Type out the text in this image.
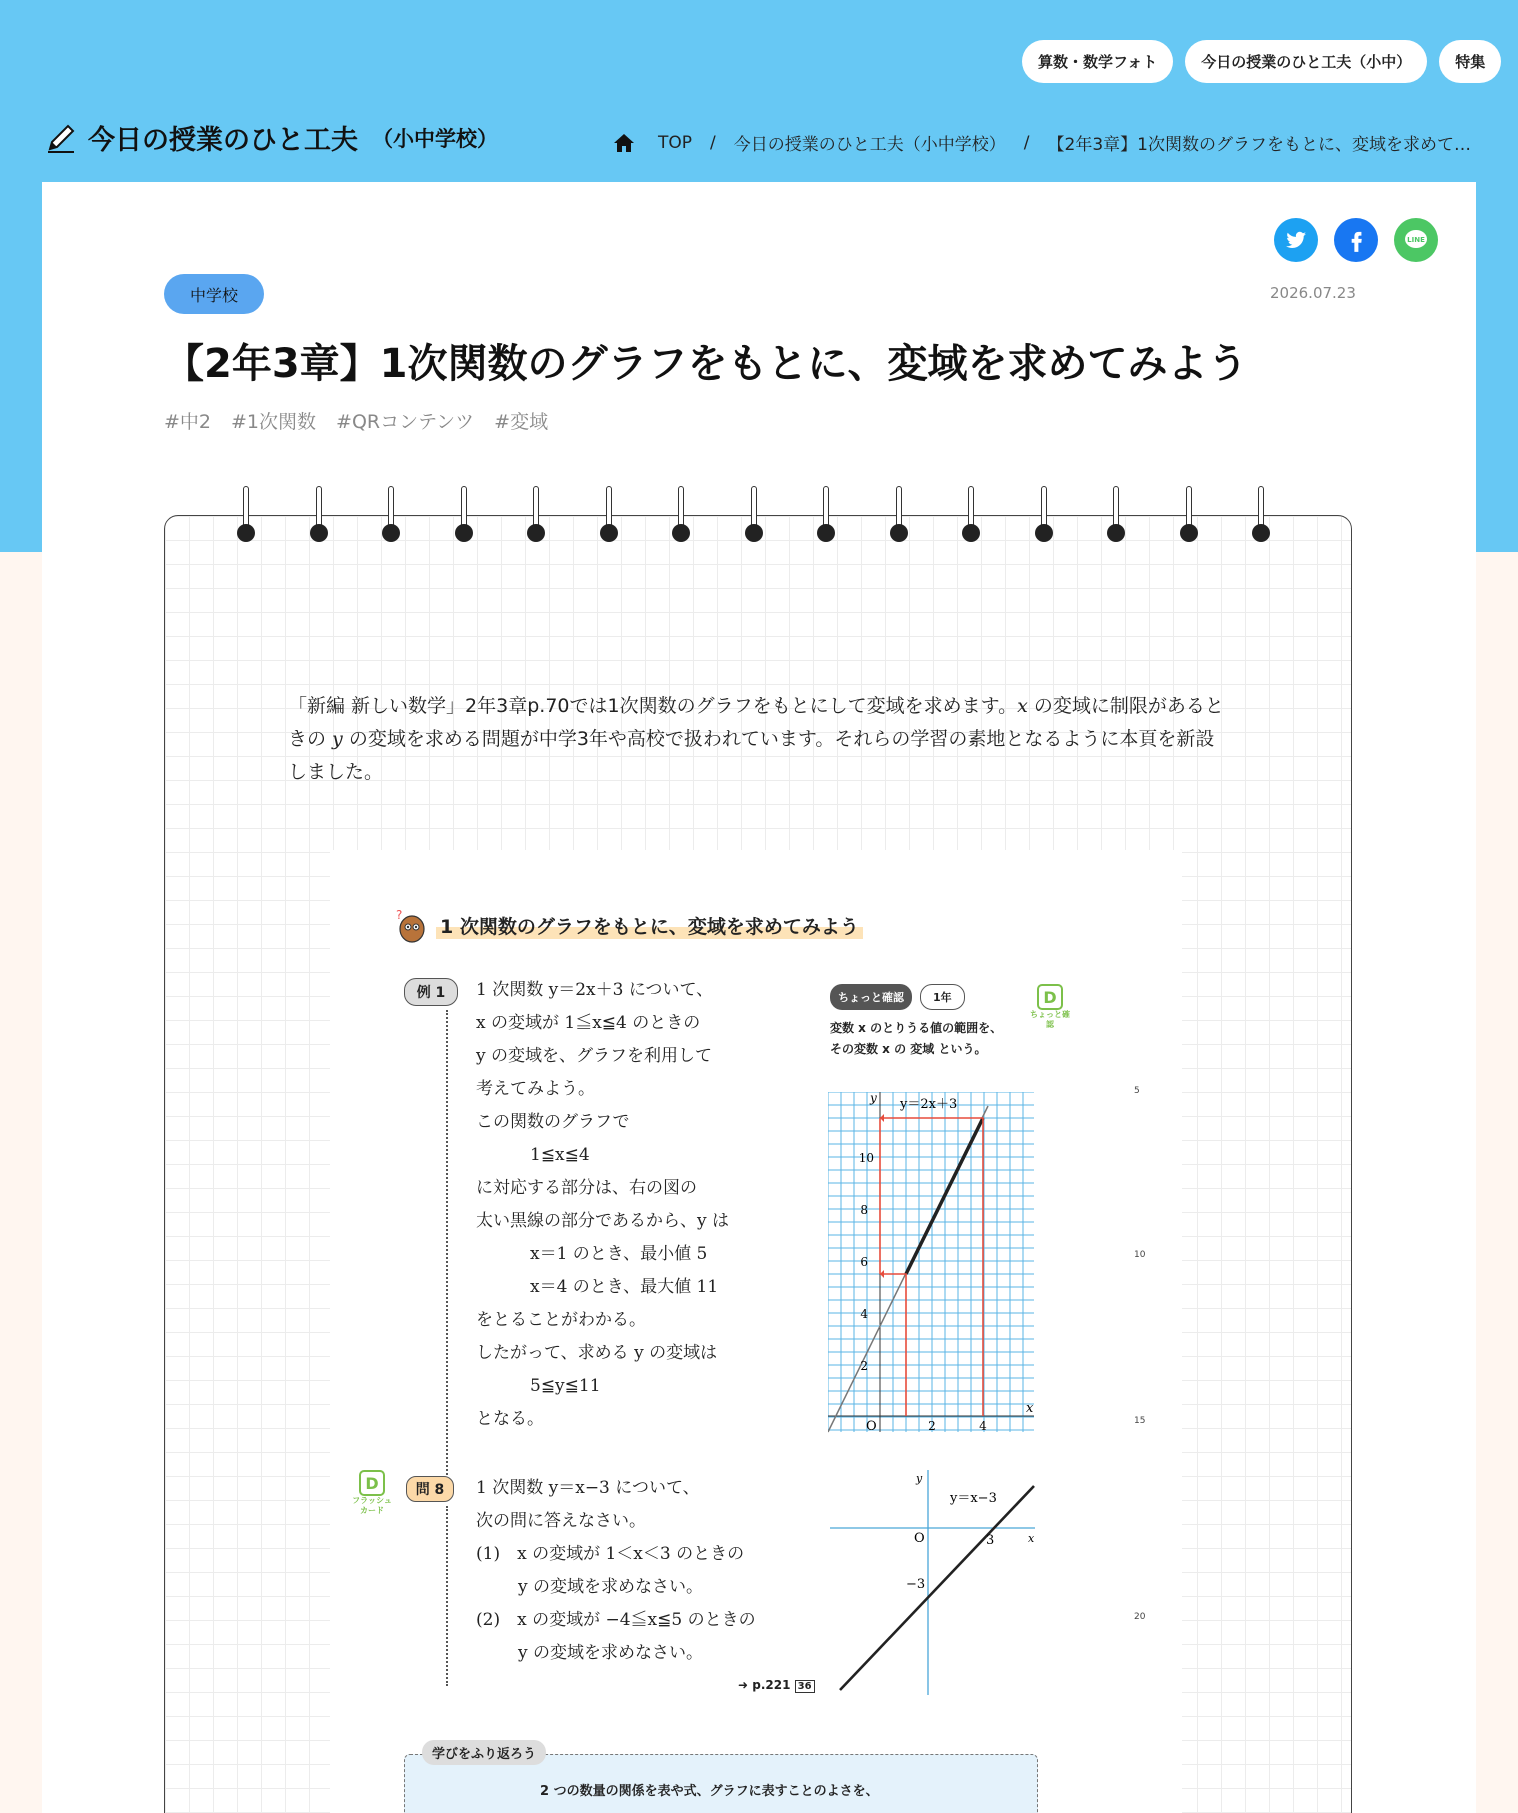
算数・数学フォト	今日の授業のひと工夫（小中）	特集
今日の授業のひと工夫 （小中学校）	TOP / 今日の授業のひと工夫（小中学校） / 【2年3章】1次関数のグラフをもとに、変域を求めて…
LINE
中学校	2026.07.23
【2年3章】1次関数のグラフをもとに、変域を求めてみよう
#中2 #1次関数 #QRコンテンツ #変域

「新編 新しい数学」2年3章p.70では1次関数のグラフをもとにして変域を求めます。x の変域に制限があるときの y の変域を求める問題が中学3年や高校で扱われています。それらの学習の素地となるように本頁を新設しました。

?
1 次関数のグラフをもとに、変域を求めてみよう
例 1	1 次関数 y＝2x＋3 について、
x の変域が 1≦x≦4 のときの
y の変域を、グラフを利用して
考えてみよう。
この関数のグラフで
1≦x≦4
に対応する部分は、右の図の
太い黒線の部分であるから、y は
x＝1 のとき、最小値 5
x＝4 のとき、最大値 11
をとることがわかる。
したがって、求める y の変域は
5≦y≦11
となる。
ちょっと確認	1年
変数 x のとりうる値の範囲を、
その変数 x の 変域 という。
D
ちょっと確認
y＝2x＋3
y
x
O
2
4
6
8
10
2	4
D
フラッシュカード
問 8	1 次関数 y＝x−3 について、
次の問に答えなさい。
(1)　x の変域が 1＜x＜3 のときの
y の変域を求めなさい。
(2)　x の変域が −4≦x≦5 のときの
y の変域を求めなさい。
➜ p.221 36
y
x
O	3
−3
y＝x−3
5
10
15
20
学びをふり返ろう
2 つの数量の関係を表や式、グラフに表すことのよさを、
